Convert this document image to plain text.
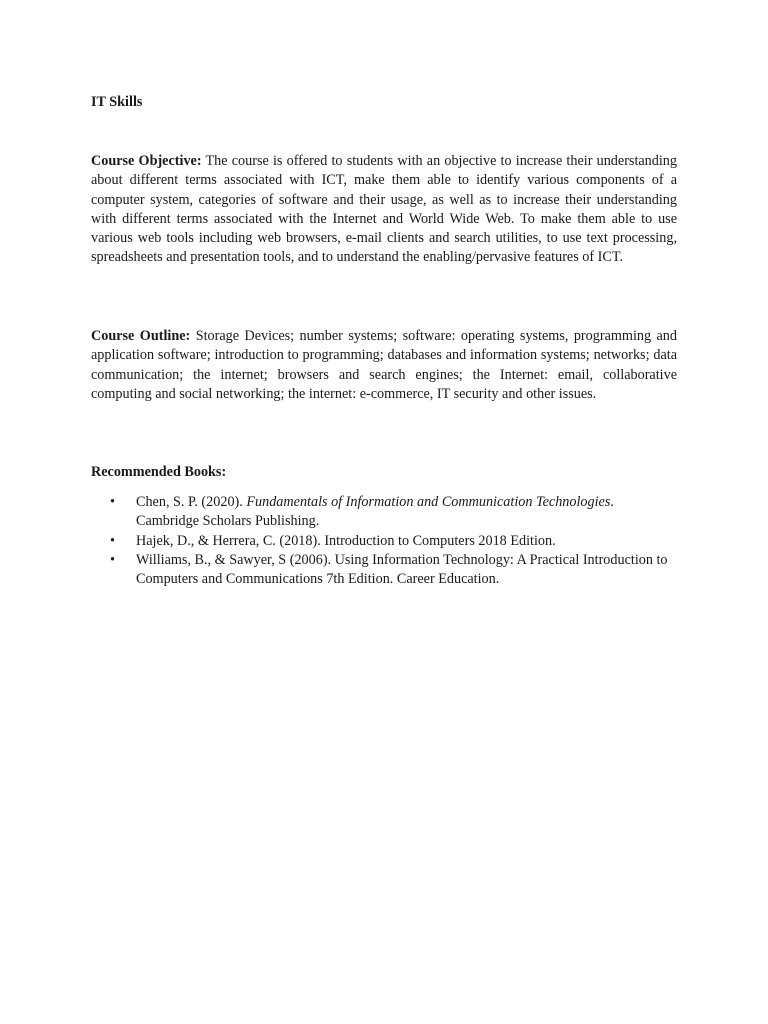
IT Skills

Course Objective: The course is offered to students with an objective to increase their understanding about different terms associated with ICT, make them able to identify various components of a computer system, categories of software and their usage, as well as to increase their understanding with different terms associated with the Internet and World Wide Web. To make them able to use various web tools including web browsers, e-mail clients and search utilities, to use text processing, spreadsheets and presentation tools, and to understand the enabling/pervasive features of ICT.

Course Outline: Storage Devices; number systems; software: operating systems, programming and application software; introduction to programming; databases and information systems; networks; data communication; the internet; browsers and search engines; the Internet: email, collaborative computing and social networking; the internet: e-commerce, IT security and other issues.

Recommended Books:
• Chen, S. P. (2020). Fundamentals of Information and Communication Technologies. Cambridge Scholars Publishing.
• Hajek, D., & Herrera, C. (2018). Introduction to Computers 2018 Edition.
• Williams, B., & Sawyer, S (2006). Using Information Technology: A Practical Introduction to Computers and Communications 7th Edition. Career Education.
